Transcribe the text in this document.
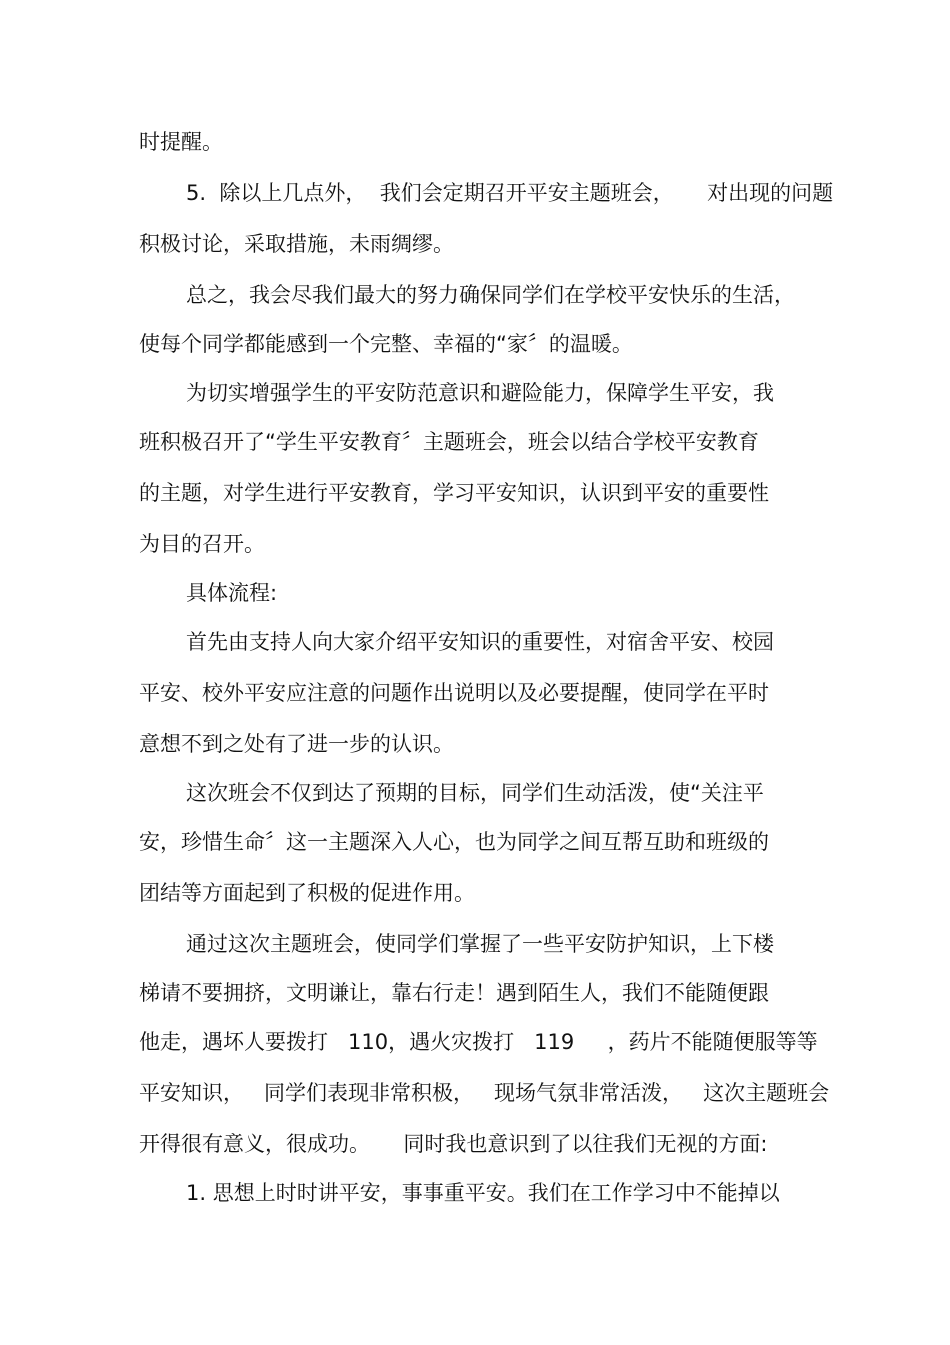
时提醒。

5.  除以上几点外，  我们会定期召开平安主题班会，     对出现的问题

积极讨论，采取措施，未雨绸缪。

总之，我会尽我们最大的努力确保同学们在学校平安快乐的生活，

使每个同学都能感到一个完整、幸福的“家〞的温暖。

为切实增强学生的平安防范意识和避险能力，保障学生平安，我

班积极召开了“学生平安教育〞主题班会，班会以结合学校平安教育

的主题，对学生进行平安教育，学习平安知识，认识到平安的重要性

为目的召开。

具体流程:

首先由支持人向大家介绍平安知识的重要性，对宿舍平安、校园

平安、校外平安应注意的问题作出说明以及必要提醒，使同学在平时

意想不到之处有了进一步的认识。

这次班会不仅到达了预期的目标，同学们生动活泼，使“关注平

安，珍惜生命〞这一主题深入人心，也为同学之间互帮互助和班级的

团结等方面起到了积极的促进作用。

通过这次主题班会，使同学们掌握了一些平安防护知识，上下楼

梯请不要拥挤，文明谦让，靠右行走！遇到陌生人，我们不能随便跟

他走，遇坏人要拨打   110，遇火灾拨打   119     ，药片不能随便服等等

平安知识，   同学们表现非常积极，   现场气氛非常活泼，   这次主题班会

开得很有意义，很成功。     同时我也意识到了以往我们无视的方面:

1. 思想上时时讲平安，事事重平安。我们在工作学习中不能掉以
